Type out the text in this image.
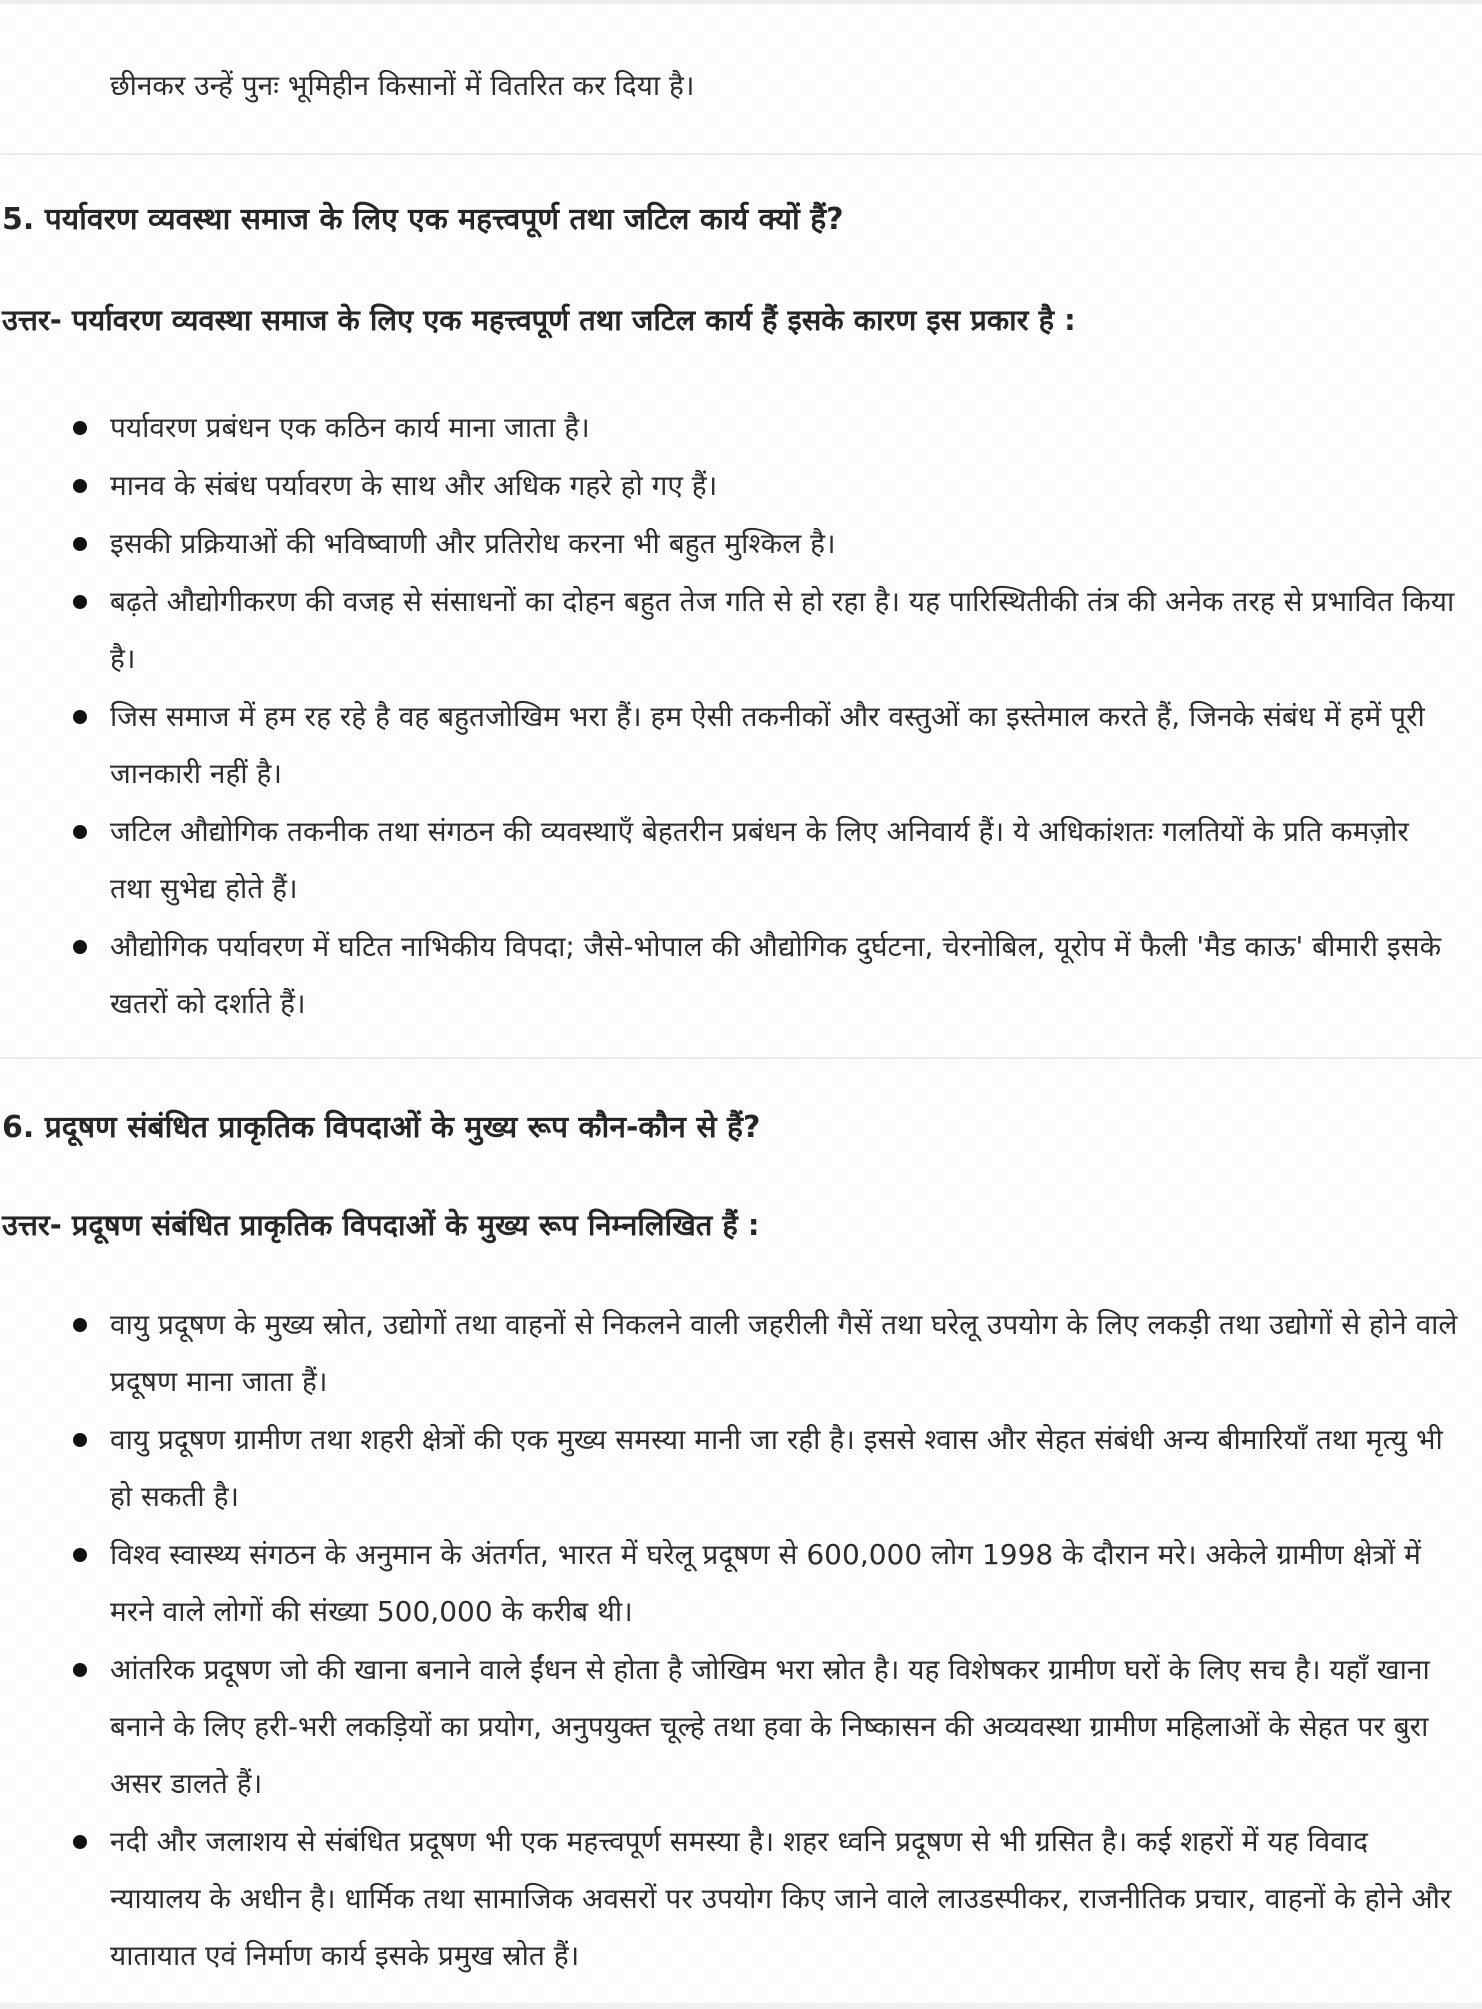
छीनकर उन्हें पुनः भूमिहीन किसानों में वितरित कर दिया है।
5. पर्यावरण व्यवस्था समाज के लिए एक महत्त्वपूर्ण तथा जटिल कार्य क्यों हैं?

उत्तर- पर्यावरण व्यवस्था समाज के लिए एक महत्त्वपूर्ण तथा जटिल कार्य हैं इसके कारण इस प्रकार है :

पर्यावरण प्रबंधन एक कठिन कार्य माना जाता है।
मानव के संबंध पर्यावरण के साथ और अधिक गहरे हो गए हैं।
इसकी प्रक्रियाओं की भविष्वाणी और प्रतिरोध करना भी बहुत मुश्किल है।
बढ़ते औद्योगीकरण की वजह से संसाधनों का दोहन बहुत तेज गति से हो रहा है। यह पारिस्थितीकी तंत्र की अनेक तरह से प्रभावित किया है।
जिस समाज में हम रह रहे है वह बहुतजोखिम भरा हैं। हम ऐसी तकनीकों और वस्तुओं का इस्तेमाल करते हैं, जिनके संबंध में हमें पूरी जानकारी नहीं है।
जटिल औद्योगिक तकनीक तथा संगठन की व्यवस्थाएँ बेहतरीन प्रबंधन के लिए अनिवार्य हैं। ये अधिकांशतः गलतियों के प्रति कमज़ोर तथा सुभेद्य होते हैं।
औद्योगिक पर्यावरण में घटित नाभिकीय विपदा; जैसे-भोपाल की औद्योगिक दुर्घटना, चेरनोबिल, यूरोप में फैली 'मैड काऊ' बीमारी इसके खतरों को दर्शाते हैं।
6. प्रदूषण संबंधित प्राकृतिक विपदाओं के मुख्य रूप कौन-कौन से हैं?

उत्तर- प्रदूषण संबंधित प्राकृतिक विपदाओं के मुख्य रूप निम्नलिखित हैं :

वायु प्रदूषण के मुख्य स्रोत, उद्योगों तथा वाहनों से निकलने वाली जहरीली गैसें तथा घरेलू उपयोग के लिए लकड़ी तथा उद्योगों से होने वाले प्रदूषण माना जाता हैं।
वायु प्रदूषण ग्रामीण तथा शहरी क्षेत्रों की एक मुख्य समस्या मानी जा रही है। इससे श्वास और सेहत संबंधी अन्य बीमारियाँ तथा मृत्यु भी हो सकती है।
विश्व स्वास्थ्य संगठन के अनुमान के अंतर्गत, भारत में घरेलू प्रदूषण से 600,000 लोग 1998 के दौरान मरे। अकेले ग्रामीण क्षेत्रों में मरने वाले लोगों की संख्या 500,000 के करीब थी।
आंतरिक प्रदूषण जो की खाना बनाने वाले ईंधन से होता है जोखिम भरा स्रोत है। यह विशेषकर ग्रामीण घरों के लिए सच है। यहाँ खाना बनाने के लिए हरी-भरी लकड़ियों का प्रयोग, अनुपयुक्त चूल्हे तथा हवा के निष्कासन की अव्यवस्था ग्रामीण महिलाओं के सेहत पर बुरा असर डालते हैं।
नदी और जलाशय से संबंधित प्रदूषण भी एक महत्त्वपूर्ण समस्या है। शहर ध्वनि प्रदूषण से भी ग्रसित है। कई शहरों में यह विवाद न्यायालय के अधीन है। धार्मिक तथा सामाजिक अवसरों पर उपयोग किए जाने वाले लाउडस्पीकर, राजनीतिक प्रचार, वाहनों के होने और यातायात एवं निर्माण कार्य इसके प्रमुख स्रोत हैं।
